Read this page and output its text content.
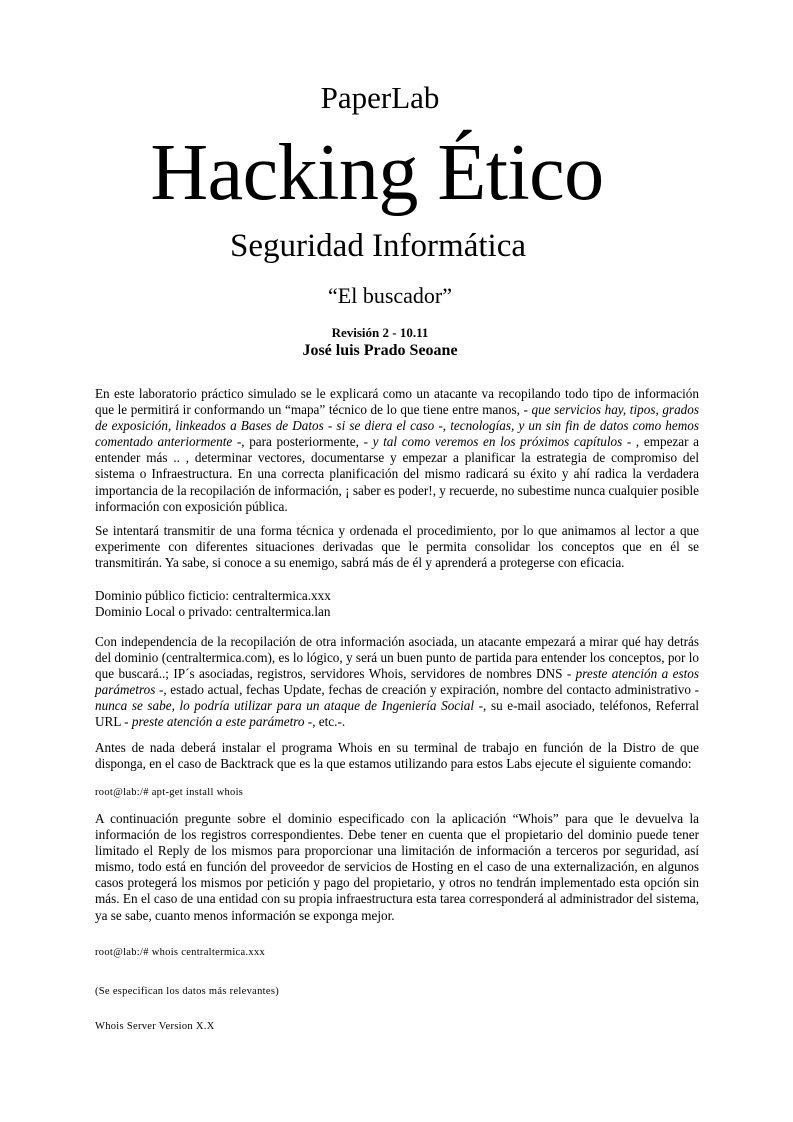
PaperLab
Hacking Ético
Seguridad Informática
“El buscador”
Revisión 2 - 10.11
José luis Prado Seoane

En este laboratorio práctico simulado se le explicará como un atacante va recopilando todo tipo de información que le permitirá ir conformando un “mapa” técnico de lo que tiene entre manos, - que servicios hay, tipos, grados de exposición, linkeados a Bases de Datos - si se diera el caso -, tecnologías, y un sin fin de datos como hemos comentado anteriormente -, para posteriormente, - y tal como veremos en los próximos capítulos - , empezar a entender más .. , determinar vectores, documentarse y empezar a planificar la estrategia de compromiso del sistema o Infraestructura. En una correcta planificación del mismo radicará su éxito y ahí radica la verdadera importancia de la recopilación de información, ¡ saber es poder!, y recuerde, no subestime nunca cualquier posible información con exposición pública.

Se intentará transmitir de una forma técnica y ordenada el procedimiento, por lo que animamos al lector a que experimente con diferentes situaciones derivadas que le permita consolidar los conceptos que en él se transmitirán. Ya sabe, si conoce a su enemigo, sabrá más de él y aprenderá a protegerse con eficacia.

Dominio público ficticio: centraltermica.xxx

Dominio Local o privado: centraltermica.lan

Con independencia de la recopilación de otra información asociada, un atacante empezará a mirar qué hay detrás del dominio (centraltermica.com), es lo lógico, y será un buen punto de partida para entender los conceptos, por lo que buscará..; IP´s asociadas, registros, servidores Whois, servidores de nombres DNS - preste atención a estos parámetros -, estado actual, fechas Update, fechas de creación y expiración, nombre del contacto administrativo - nunca se sabe, lo podría utilizar para un ataque de Ingeniería Social -, su e-mail asociado, teléfonos, Referral URL - preste atención a este parámetro -, etc.-.

Antes de nada deberá instalar el programa Whois en su terminal de trabajo en función de la Distro de que disponga, en el caso de Backtrack que es la que estamos utilizando para estos Labs ejecute el siguiente comando:

root@lab:/# apt-get install whois

A continuación pregunte sobre el dominio especificado con la aplicación “Whois” para que le devuelva la información de los registros correspondientes. Debe tener en cuenta que el propietario del dominio puede tener limitado el Reply de los mismos para proporcionar una limitación de información a terceros por seguridad, así mismo, todo está en función del proveedor de servicios de Hosting en el caso de una externalización, en algunos casos protegerá los mismos por petición y pago del propietario, y otros no tendrán implementado esta opción sin más. En el caso de una entidad con su propia infraestructura esta tarea corresponderá al administrador del sistema, ya se sabe, cuanto menos información se exponga mejor.

root@lab:/# whois centraltermica.xxx
(Se especifican los datos más relevantes)
Whois Server Version X.X
